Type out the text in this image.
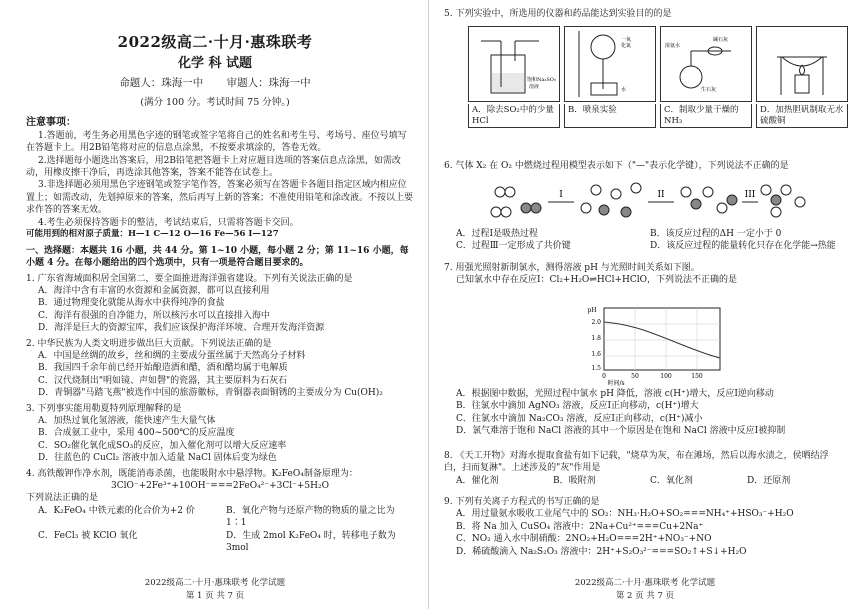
2022级高二·十月·惠珠联考
化学 科 试题
命题人：珠海一中       审题人：珠海一中
(满分 100 分。考试时间 75 分钟。)

注意事项：

1.答题前，考生务必用黑色字迹的钢笔或签字笔将自己的姓名和考生号、考场号、座位号填写在答题卡上。用2B铅笔将对应的信息点涂黑，不按要求填涂的，答卷无效。

2.选择题每小题选出答案后，用2B铅笔把答题卡上对应题目选项的答案信息点涂黑，如需改动，用橡皮擦干净后，再选涂其他答案，答案不能答在试卷上。

3.非选择题必须用黑色字迹钢笔或签字笔作答，答案必须写在答题卡各题目指定区域内相应位置上；如需改动，先划掉原来的答案，然后再写上新的答案；不准使用铅笔和涂改液。不按以上要求作答的答案无效。

4.考生必须保持答题卡的整洁，考试结束后，只需将答题卡交回。

可能用到的相对原子质量：H—1 C—12 O—16 Fe—56 I—127

一、选择题：本题共 16 小题，共 44 分。第 1~10 小题，每小题 2 分；第 11~16 小题，每小题 4 分。在每小题给出的四个选项中，只有一项是符合题目要求的。

1. 广东省海域面积居全国第二，要全面推进海洋强省建设。下列有关说法正确的是

A．海洋中含有丰富的水资源和金属资源，都可以直接利用

B．通过物理变化就能从海水中获得纯净的食盐

C．海洋有很强的自净能力，所以核污水可以直接排入海中

D．海洋是巨大的资源宝库，我们应该保护海洋环境、合理开发海洋资源

2. 中华民族为人类文明进步做出巨大贡献。下列说法正确的是

A．中国是丝绸的故乡，丝和绸的主要成分蛋丝属于天然高分子材料

B．我国四千余年前已经开始酿造酒和醋，酒和醋均属于电解质

C．汉代烧制出"明如镜、声如磬"的瓷器，其主要原料为石灰石

D．青铜器"马踏飞燕"被选作中国的旅游徽标，青铜器表面铜锈的主要成分为 Cu(OH)₂

3. 下列事实能用勒夏特列原理解释的是

A．加热过氧化氢溶液，能快速产生大量气体

B．合成氨工业中，采用 400~500℃的反应温度

C．SO₂催化氧化成SO₃的反应，加入催化剂可以增大反应速率

D．往蓝色的 CuCl₂ 溶液中加入适量 NaCl 固体后变为绿色

4. 高铁酸钾作净水剂，既能消毒杀菌，也能吸附水中悬浮物。K₂FeO₄制备原理为：

3ClO⁻+2Fe³⁺+10OH⁻===2FeO₄²⁻+3Cl⁻+5H₂O

下列说法正确的是

A．K₂FeO₄ 中铁元素的化合价为+2 价	B．氧化产物与还原产物的物质的量之比为 1∶1
C．FeCl₃ 被 KClO 氧化	D．生成 2mol K₂FeO₄ 时，转移电子数为 3mol
2022级高二·十月·惠珠联考 化学试题
第 1 页 共 7 页
5. 下列实验中，所选用的仪器和药品能达到实验目的的是
饱和Na₂SO₃
溶液
一氧
化氮
水
浓氨水
碱石灰
生石灰
A．除去SO₂中的少量HCl
B．喷泉实验	C．制取少量干燥的NH₃
D．加热胆矾制取无水硫酸铜
6. 气体 X₂ 在 O₂ 中燃烧过程用模型表示如下（"—"表示化学键），下列说法不正确的是
I	II	III
A．过程Ⅰ是吸热过程	B．该反应过程的ΔH 一定小于 0
C．过程Ⅲ一定形成了共价键	D．该反应过程的能量转化只存在化学能→热能

7. 用强光照射新制氯水，测得溶液 pH 与光照时间关系如下图。

已知氯水中存在反应Ⅰ：Cl₂+H₂O⇌HCl+HClO，下列说法不正确的是

1.5
1.6
1.8
2.0
0	50	100	150
时间/s
pH

A．根据图中数据，光照过程中氯水 pH 降低，溶液 c(H⁺)增大，反应Ⅰ逆向移动

B．往氯水中滴加 AgNO₃ 溶液，反应Ⅰ正向移动，c(H⁺)增大

C．往氯水中滴加 Na₂CO₃ 溶液，反应Ⅰ正向移动，c(H⁺)减小

D．氯气难溶于饱和 NaCl 溶液的其中一个原因是在饱和 NaCl 溶液中反应Ⅰ被抑制

8. 《天工开物》对海水提取食盐有如下记载，"烧草为灰，布在滩场，然后以海水渍之，侯晒结浮白，扫而复淋"。上述涉及的"灰"作用是

A．催化剂	B．吸附剂	C．氧化剂	D．还原剂

9. 下列有关离子方程式的书写正确的是

A．用过量氨水吸收工业尾气中的 SO₂：NH₃·H₂O+SO₂===NH₄⁺+HSO₃⁻+H₂O

B．将 Na 加入 CuSO₄ 溶液中：2Na+Cu²⁺===Cu+2Na⁺

C．NO₂ 通入水中制硝酸：2NO₂+H₂O===2H⁺+NO₃⁻+NO

D．稀硫酸滴入 Na₂S₂O₃ 溶液中：2H⁺+S₂O₃²⁻===SO₂↑+S↓+H₂O

2022级高二·十月·惠珠联考 化学试题
第 2 页 共 7 页
